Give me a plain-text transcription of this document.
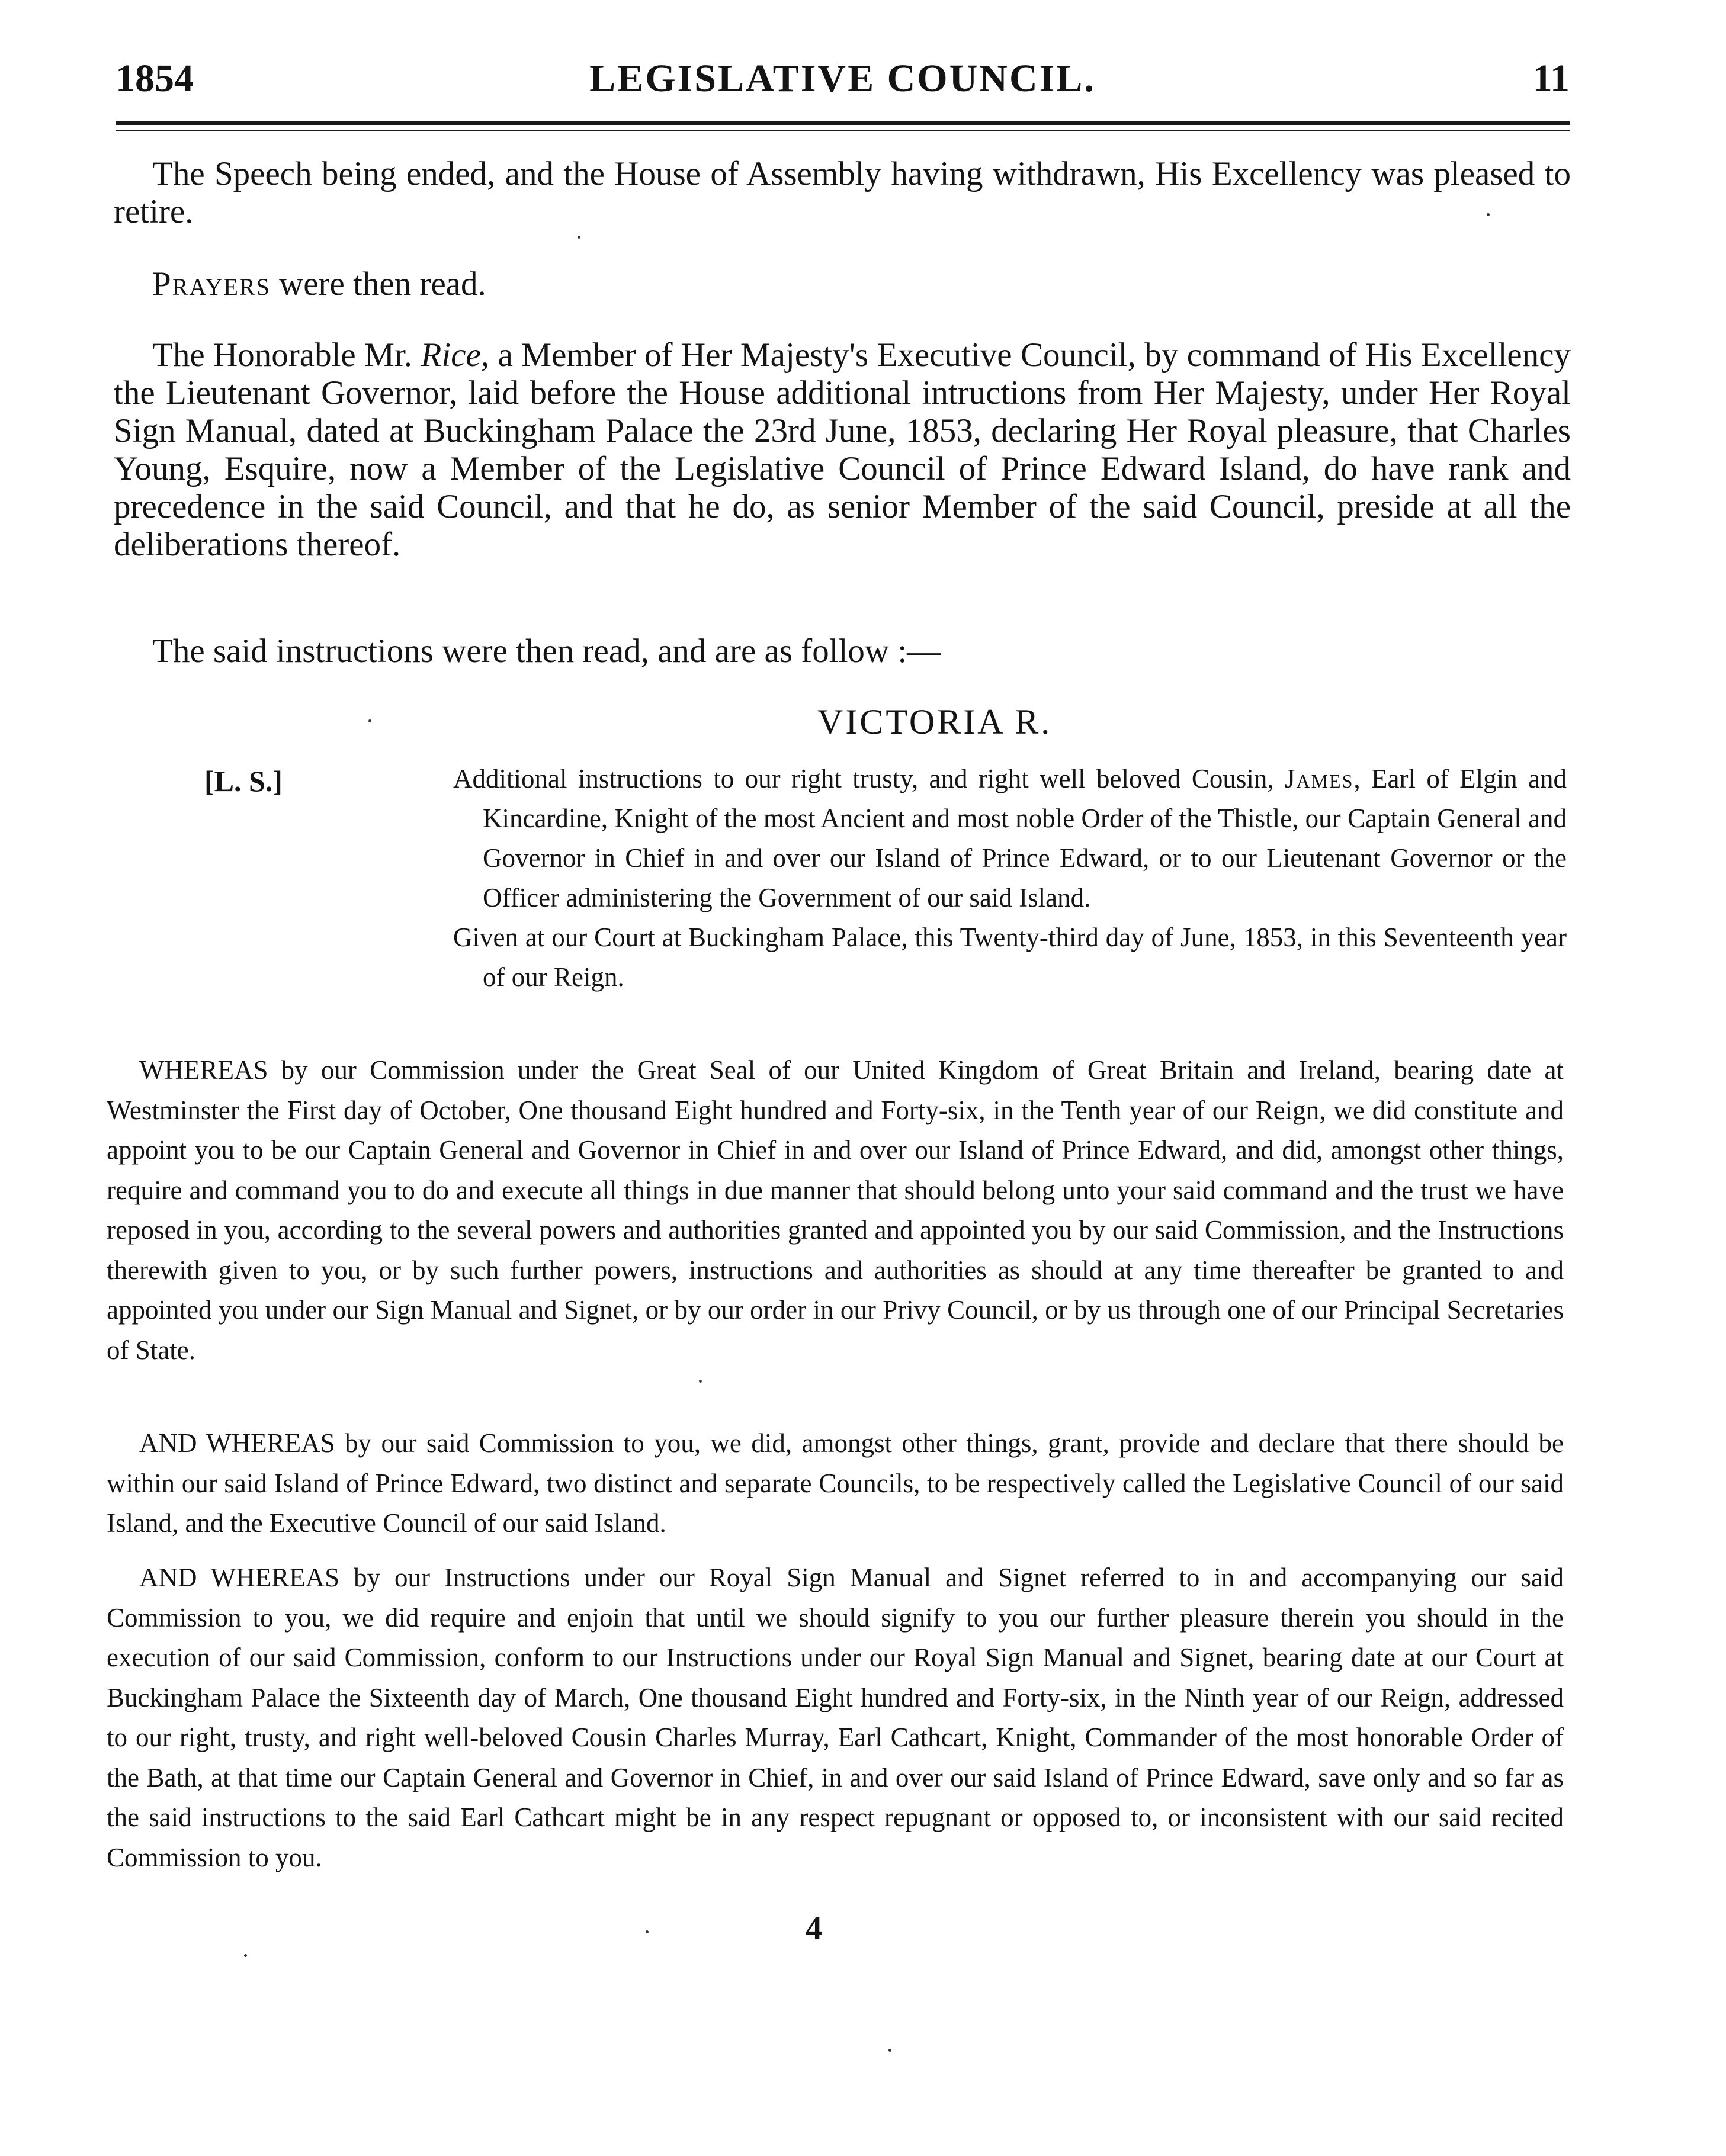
LEGISLATIVE COUNCIL.
1854	11
The Speech being ended, and the House of Assembly having withdrawn, His Excellency was pleased to retire.
Prayers were then read.
The Honorable Mr. Rice, a Member of Her Majesty's Executive Council, by command of His Excellency the Lieutenant Governor, laid before the House additional intructions from Her Majesty, under Her Royal Sign Manual, dated at Buckingham Palace the 23rd June, 1853, declaring Her Royal pleasure, that Charles Young, Esquire, now a Member of the Legislative Council of Prince Edward Island, do have rank and precedence in the said Council, and that he do, as senior Member of the said Council, preside at all the deliberations thereof.
The said instructions were then read, and are as follow :—
VICTORIA R.
[L. S.]	Additional instructions to our right trusty, and right well beloved Cousin, James, Earl of Elgin and Kincardine, Knight of the most Ancient and most noble Order of the Thistle, our Captain General and Governor in Chief in and over our Island of Prince Edward, or to our Lieutenant Governor or the Officer administering the Government of our said Island.

Given at our Court at Buckingham Palace, this Twenty-third day of June, 1853, in this Seventeenth year of our Reign.

WHEREAS by our Commission under the Great Seal of our United Kingdom of Great Britain and Ireland, bearing date at Westminster the First day of October, One thousand Eight hundred and Forty-six, in the Tenth year of our Reign, we did constitute and appoint you to be our Captain General and Governor in Chief in and over our Island of Prince Edward, and did, amongst other things, require and command you to do and execute all things in due manner that should belong unto your said command and the trust we have reposed in you, according to the several powers and authorities granted and appointed you by our said Commission, and the Instructions therewith given to you, or by such further powers, instructions and authorities as should at any time thereafter be granted to and appointed you under our Sign Manual and Signet, or by our order in our Privy Council, or by us through one of our Principal Secretaries of State.

AND WHEREAS by our said Commission to you, we did, amongst other things, grant, provide and declare that there should be within our said Island of Prince Edward, two distinct and separate Councils, to be respectively called the Legislative Council of our said Island, and the Executive Council of our said Island.

AND WHEREAS by our Instructions under our Royal Sign Manual and Signet referred to in and accompanying our said Commission to you, we did require and enjoin that until we should signify to you our further pleasure therein you should in the execution of our said Commission, conform to our Instructions under our Royal Sign Manual and Signet, bearing date at our Court at Buckingham Palace the Sixteenth day of March, One thousand Eight hundred and Forty-six, in the Ninth year of our Reign, addressed to our right, trusty, and right well-beloved Cousin Charles Murray, Earl Cathcart, Knight, Commander of the most honorable Order of the Bath, at that time our Captain General and Governor in Chief, in and over our said Island of Prince Edward, save only and so far as the said instructions to the said Earl Cathcart might be in any respect repugnant or opposed to, or inconsistent with our said recited Commission to you.

4
